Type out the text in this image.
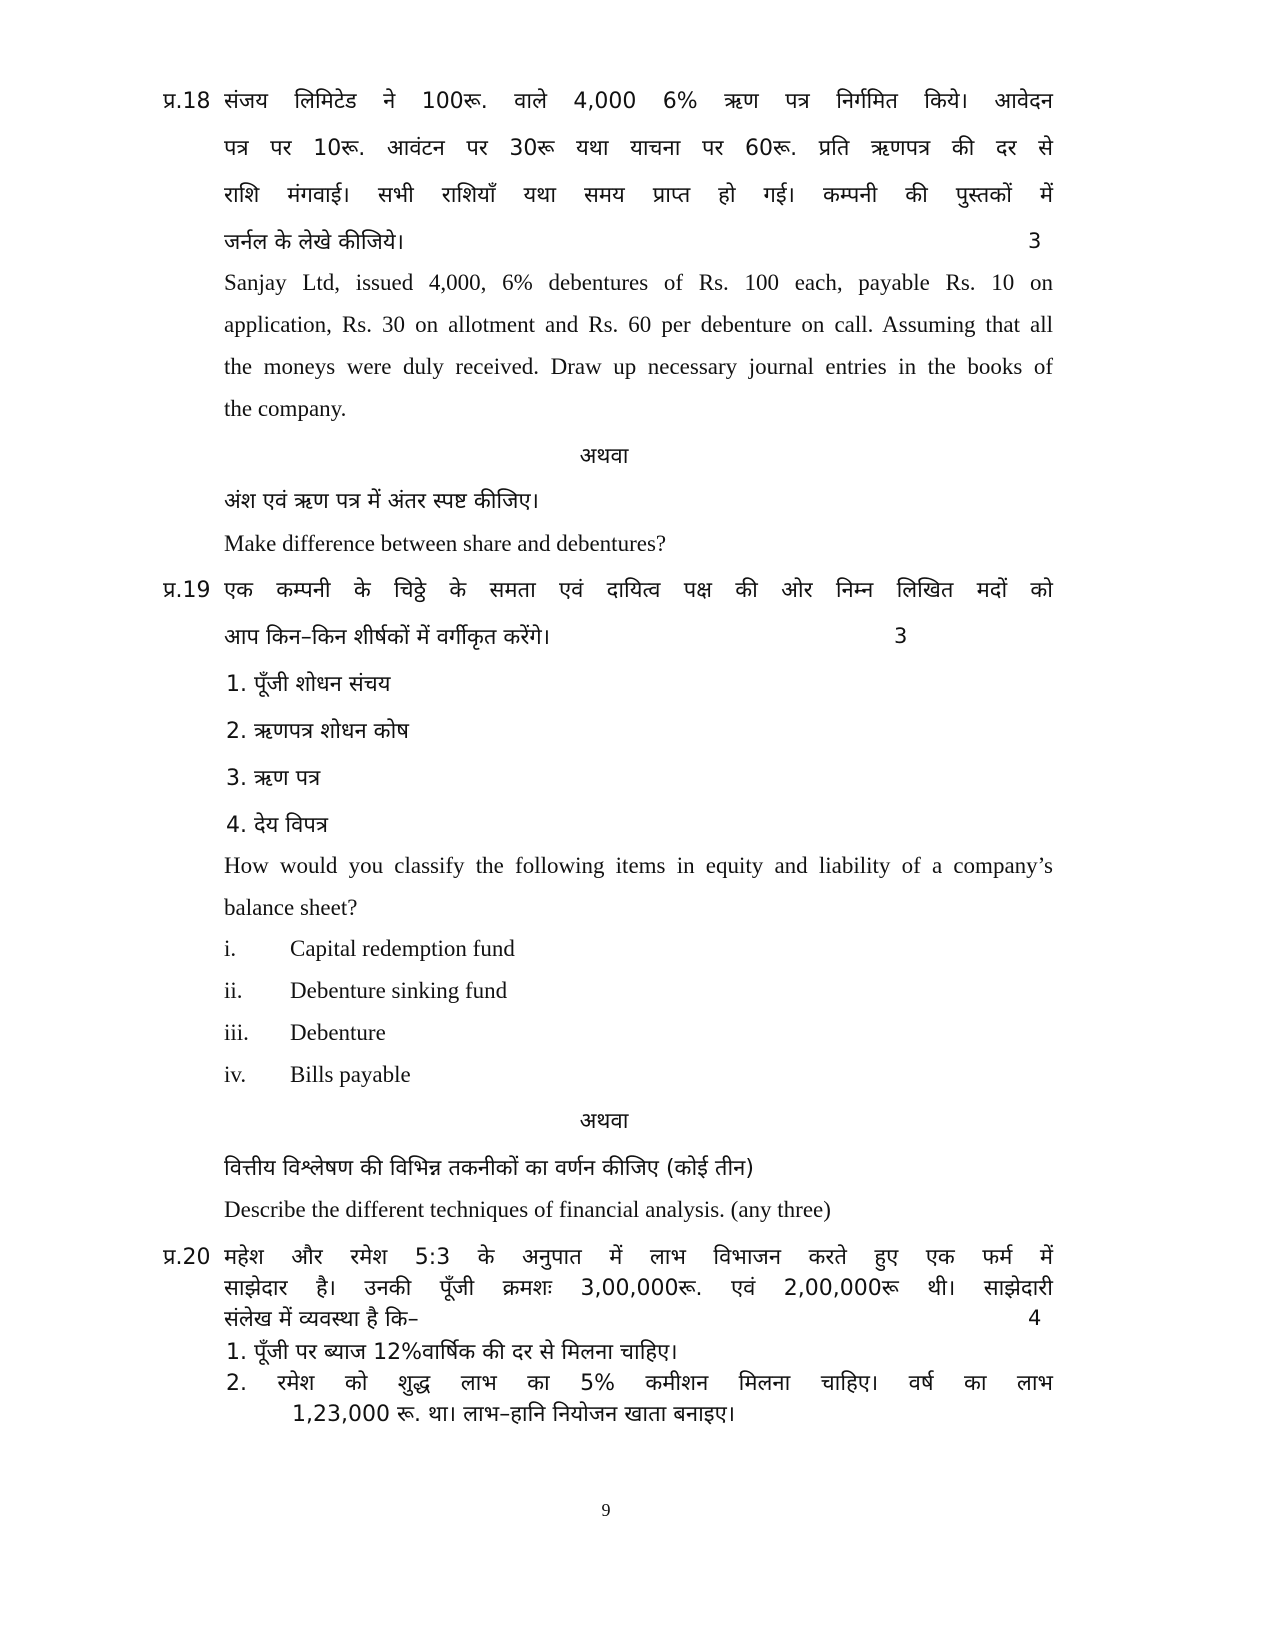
प्र.18 संजय लिमिटेड ने 100रू. वाले 4,000 6% ऋण पत्र निर्गमित किये। आवेदन
पत्र पर 10रू. आवंटन पर 30रू यथा याचना पर 60रू. प्रति ऋणपत्र की दर से
राशि मंगवाई। सभी राशियाँ यथा समय प्राप्त हो गई। कम्पनी की पुस्तकों में
जर्नल के लेखे कीजिये।	3
Sanjay Ltd, issued 4,000, 6% debentures of Rs. 100 each, payable Rs. 10 on
application, Rs. 30 on allotment and Rs. 60 per debenture on call. Assuming that all
the moneys were duly received. Draw up necessary journal entries in the books of
the company.
अथवा
अंश एवं ऋण पत्र में अंतर स्पष्ट कीजिए।
Make difference between share and debentures?
प्र.19 एक कम्पनी के चिठ्ठे के समता एवं दायित्व पक्ष की ओर निम्न लिखित मदों को
आप किन–किन शीर्षकों में वर्गीकृत करेंगे।	3
1. पूँजी शोधन संचय
2. ऋणपत्र शोधन कोष
3. ऋण पत्र
4. देय विपत्र
How would you classify the following items in equity and liability of a company’s
balance sheet?
i. Capital redemption fund
ii. Debenture sinking fund
iii. Debenture
iv. Bills payable
अथवा
वित्तीय विश्लेषण की विभिन्न तकनीकों का वर्णन कीजिए (कोई तीन)
Describe the different techniques of financial analysis. (any three)
प्र.20 महेश और रमेश 5:3 के अनुपात में लाभ विभाजन करते हुए एक फर्म में
साझेदार है। उनकी पूँजी क्रमशः 3,00,000रू. एवं 2,00,000रू थी। साझेदारी
संलेख में व्यवस्था है कि–	4
1. पूँजी पर ब्याज 12%वार्षिक की दर से मिलना चाहिए।
2. रमेश को शुद्ध लाभ का 5% कमीशन मिलना चाहिए। वर्ष का लाभ
1,23,000 रू. था। लाभ–हानि नियोजन खाता बनाइए।
9
